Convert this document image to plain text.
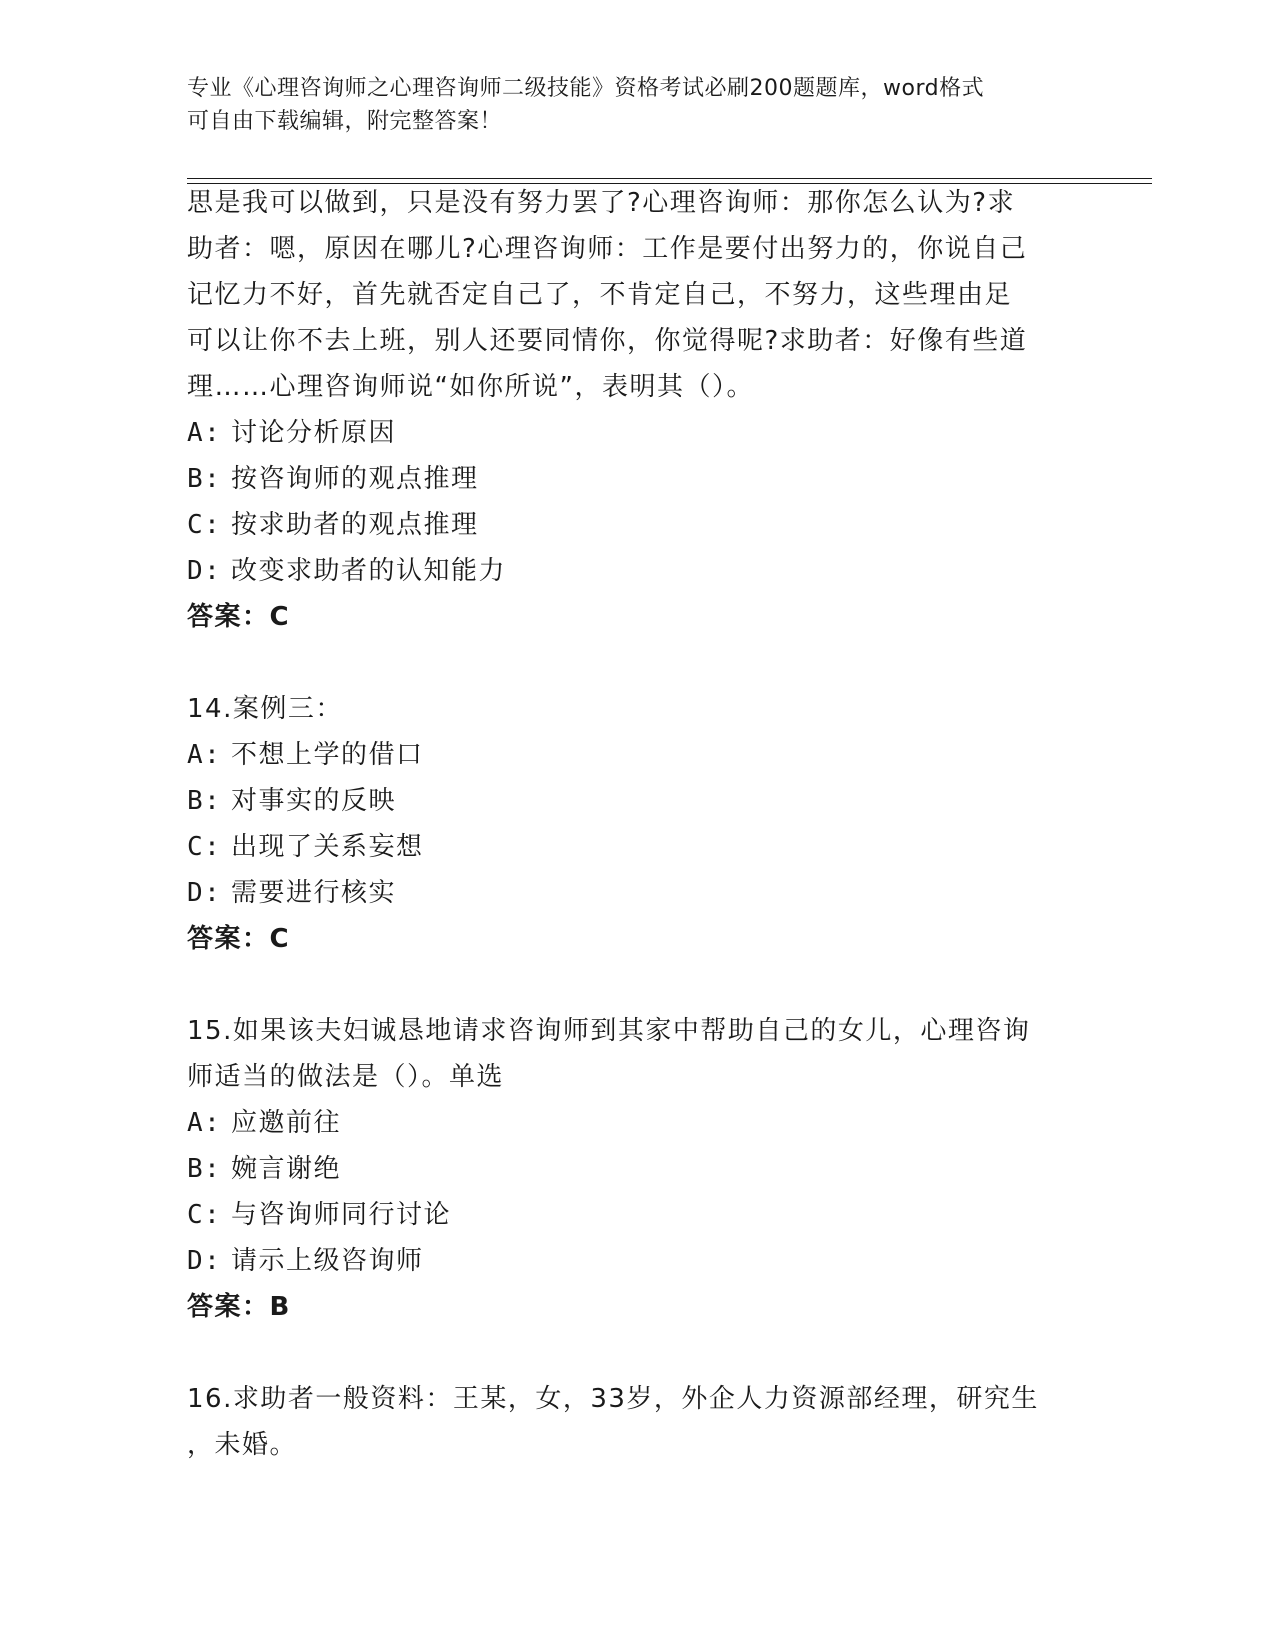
专业《心理咨询师之心理咨询师二级技能》资格考试必刷200题题库，word格式
可自由下载编辑，附完整答案！

思是我可以做到，只是没有努力罢了?心理咨询师：那你怎么认为?求

助者：嗯，原因在哪儿?心理咨询师：工作是要付出努力的，你说自己

记忆力不好，首先就否定自己了，不肯定自己，不努力，这些理由足

可以让你不去上班，别人还要同情你，你觉得呢?求助者：好像有些道

理……心理咨询师说“如你所说”，表明其（）。

A: 讨论分析原因
B: 按咨询师的观点推理
C: 按求助者的观点推理
D: 改变求助者的认知能力

答案：C

14.案例三：

A: 不想上学的借口
B: 对事实的反映
C: 出现了关系妄想
D: 需要进行核实

答案：C

15.如果该夫妇诚恳地请求咨询师到其家中帮助自己的女儿，心理咨询

师适当的做法是（）。单选

A: 应邀前往
B: 婉言谢绝
C: 与咨询师同行讨论
D: 请示上级咨询师

答案：B

16.求助者一般资料：王某，女，33岁，外企人力资源部经理，研究生

，未婚。
